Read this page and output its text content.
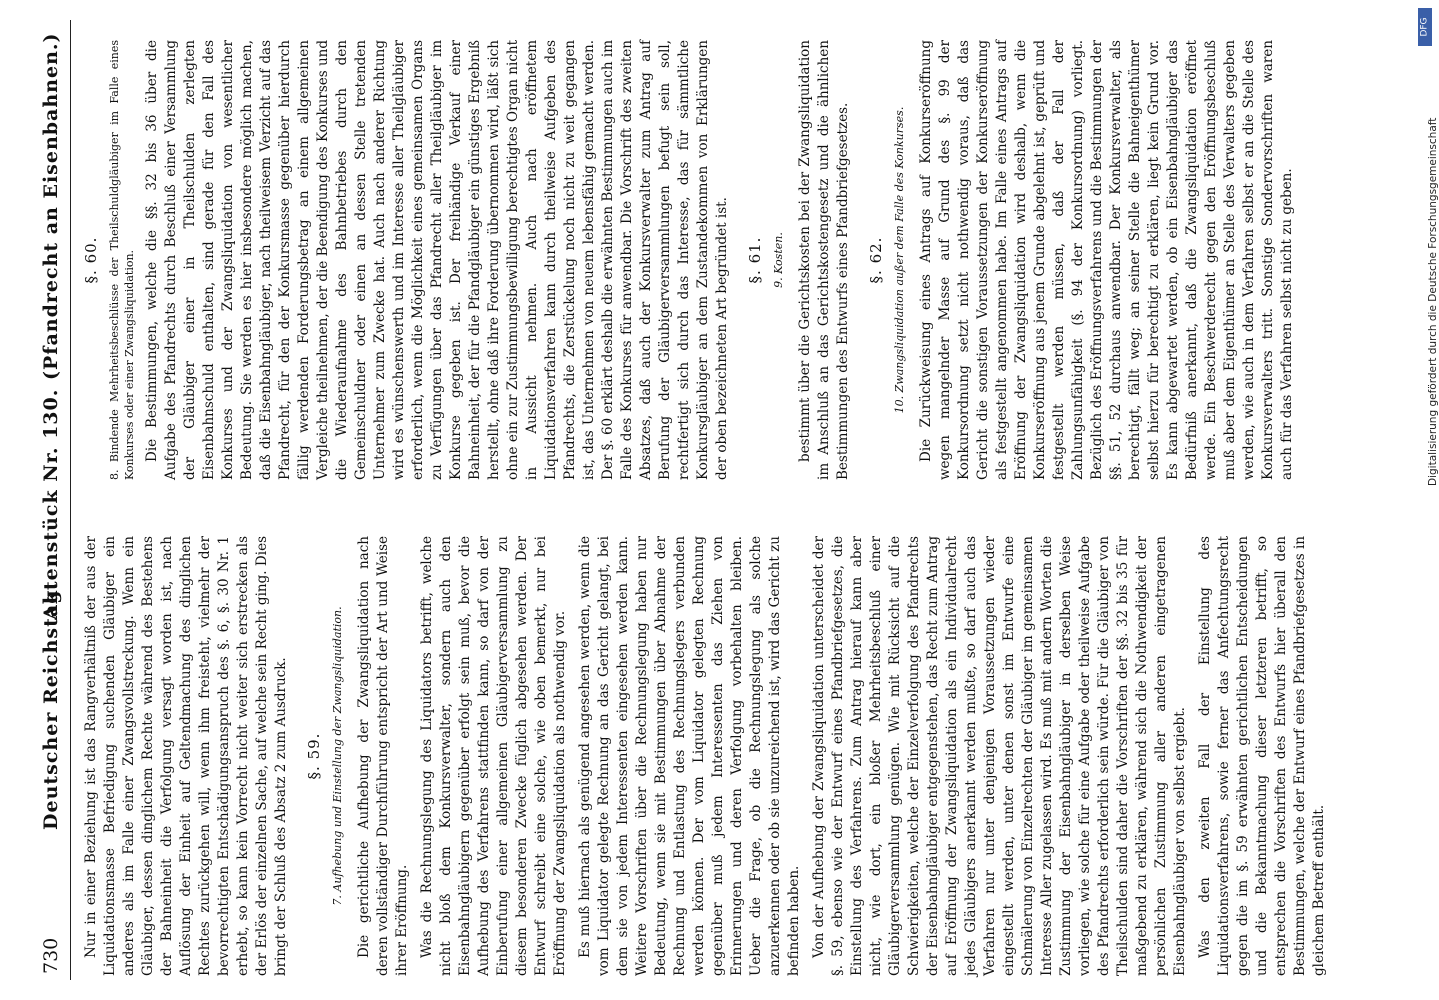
730
Deutscher Reichstag.
Aktenstück Nr. 130.
(Pfandrecht an Eisenbahnen.)

Nur in einer Beziehung ist das Rangverhältniß der aus der Liquidationsmasse Befriedigung suchenden Gläubiger ein anderes als im Falle einer Zwangsvollstreckung. Wenn ein Gläubiger, dessen dinglichem Rechte während des Bestehens der Bahneinheit die Verfolgung versagt worden ist, nach Auflösung der Einheit auf Geltendmachung des dinglichen Rechtes zurückgehen will, wenn ihm freisteht, vielmehr der bevorrechtigten Entschädigungsanspruch des §. 6, §. 30 Nr. 1 erhebt, so kann kein Vorrecht nicht weiter sich erstrecken als der Erlös der einzelnen Sache, auf welche sein Recht ging. Dies bringt der Schluß des Absatz 2 zum Ausdruck. §. 59. 7. Aufhebung und Einstellung der Zwangsliquidation. Die gerichtliche Aufhebung der Zwangsliquidation nach deren vollständiger Durchführung entspricht der Art und Weise ihrer Eröffnung. Was die Rechnungslegung des Liquidators betrifft, welche nicht bloß dem Konkursverwalter, sondern auch den Eisenbahngläubigern gegenüber erfolgt sein muß, bevor die Aufhebung des Verfahrens stattfinden kann, so darf von der Einberufung einer allgemeinen Gläubigerversammlung zu diesem besonderen Zwecke füglich abgesehen werden. Der Entwurf schreibt eine solche, wie oben bemerkt, nur bei Eröffnung der Zwangsliquidation als nothwendig vor. Es muß hiernach als genügend angesehen werden, wenn die vom Liquidator gelegte Rechnung an das Gericht gelangt, bei dem sie von jedem Interessenten eingesehen werden kann. Weitere Vorschriften über die Rechnungslegung haben nur Bedeutung, wenn sie mit Bestimmungen über Abnahme der Rechnung und Entlastung des Rechnungslegers verbunden werden können. Der vom Liquidator gelegten Rechnung gegenüber muß jedem Interessenten das Ziehen von Erinnerungen und deren Verfolgung vorbehalten bleiben. Ueber die Frage, ob die Rechnungslegung als solche anzuerkennen oder ob sie unzureichend ist, wird das Gericht zu befinden haben. Von der Aufhebung der Zwangsliquidation unterscheidet der §. 59, ebenso wie der Entwurf eines Pfandbriefgesetzes, die Einstellung des Verfahrens. Zum Antrag hierauf kann aber nicht, wie dort, ein bloßer Mehrheitsbeschluß einer Gläubigerversammlung genügen. Wie mit Rücksicht auf die Schwierigkeiten, welche der Einzelverfolgung des Pfandrechts der Eisenbahngläubiger entgegenstehen, das Recht zum Antrag auf Eröffnung der Zwangsliquidation als ein Individualrecht jedes Gläubigers anerkannt werden mußte, so darf auch das Verfahren nur unter denjenigen Voraussetzungen wieder eingestellt werden, unter denen sonst im Entwurfe eine Schmälerung von Einzelrechten der Gläubiger im gemeinsamen Interesse Aller zugelassen wird. Es muß mit andern Worten die Zustimmung der Eisenbahngläubiger in derselben Weise vorliegen, wie solche für eine Aufgabe oder theilweise Aufgabe des Pfandrechts erforderlich sein würde. Für die Gläubiger von Theilschulden sind daher die Vorschriften der §§. 32 bis 35 für maßgebend zu erklären, während sich die Nothwendigkeit der persönlichen Zustimmung aller anderen eingetragenen Eisenbahngläubiger von selbst ergiebt. Was den zweiten Fall der Einstellung des Liquidationsverfahrens, sowie ferner das Anfechtungsrecht gegen die im §. 59 erwähnten gerichtlichen Entscheidungen und die Bekanntmachung dieser letzteren betrifft, so entsprechen die Vorschriften des Entwurfs hier überall den Bestimmungen, welche der Entwurf eines Pfandbriefgesetzes in gleichem Betreff enthält.

§. 60. 8. Bindende Mehrheitsbeschlüsse der Theilschuldgläubiger im Falle eines Konkurses oder einer Zwangsliquidation. Die Bestimmungen, welche die §§. 32 bis 36 über die Aufgabe des Pfandrechts durch Beschluß einer Versammlung der Gläubiger einer in Theilschulden zerlegten Eisenbahnschuld enthalten, sind gerade für den Fall des Konkurses und der Zwangsliquidation von wesentlicher Bedeutung. Sie werden es hier insbesondere möglich machen, daß die Eisenbahngläubiger, nach theilweisem Verzicht auf das Pfandrecht, für den der Konkursmasse gegenüber hierdurch fällig werdenden Forderungsbetrag an einem allgemeinen Vergleiche theilnehmen, der die Beendigung des Konkurses und die Wiederaufnahme des Bahnbetriebes durch den Gemeinschuldner oder einen an dessen Stelle tretenden Unternehmer zum Zwecke hat. Auch nach anderer Richtung wird es wünschenswerth und im Interesse aller Theilgläubiger erforderlich, wenn die Möglichkeit eines gemeinsamen Organs zu Verfügungen über das Pfandrecht aller Theilgläubiger im Konkurse gegeben ist. Der freihändige Verkauf einer Bahneinheit, der für die Pfandgläubiger ein günstiges Ergebniß herstellt, ohne daß ihre Forderung übernommen wird, läßt sich ohne ein zur Zustimmungsbewilligung berechtigtes Organ nicht in Aussicht nehmen. Auch nach eröffnetem Liquidationsverfahren kann durch theilweise Aufgeben des Pfandrechts, die Zerstückelung noch nicht zu weit gegangen ist, das Unternehmen von neuem lebensfähig gemacht werden. Der §. 60 erklärt deshalb die erwähnten Bestimmungen auch im Falle des Konkurses für anwendbar. Die Vorschrift des zweiten Absatzes, daß auch der Konkursverwalter zum Antrag auf Berufung der Gläubigerversammlungen befugt sein soll, rechtfertigt sich durch das Interesse, das für sämmtliche Konkursgläubiger an dem Zustandekommen von Erklärungen der oben bezeichneten Art begründet ist. §. 61. 9. Kosten. bestimmt über die Gerichtskosten bei der Zwangsliquidation im Anschluß an das Gerichtskostengesetz und die ähnlichen Bestimmungen des Entwurfs eines Pfandbriefgesetzes. §. 62. 10. Zwangsliquidation außer dem Falle des Konkurses. Die Zurückweisung eines Antrags auf Konkurseröffnung wegen mangelnder Masse auf Grund des §. 99 der Konkursordnung setzt nicht nothwendig voraus, daß das Gericht die sonstigen Voraussetzungen der Konkurseröffnung als festgestellt angenommen habe. Im Falle eines Antrags auf Eröffnung der Zwangsliquidation wird deshalb, wenn die Konkurseröffnung aus jenem Grunde abgelehnt ist, geprüft und festgestellt werden müssen, daß der Fall der Zahlungsunfähigkeit (§. 94 der Konkursordnung) vorliegt. Bezüglich des Eröffnungsverfahrens und die Bestimmungen der §§. 51, 52 durchaus anwendbar. Der Konkursverwalter, als berechtigt, fällt weg; an seiner Stelle die Bahneigenthümer selbst hierzu für berechtigt zu erklären, liegt kein Grund vor. Es kann abgewartet werden, ob ein Eisenbahngläubiger das Bedürfniß anerkannt, daß die Zwangsliquidation eröffnet werde. Ein Beschwerderecht gegen den Eröffnungsbeschluß muß aber dem Eigenthümer an Stelle des Verwalters gegeben werden, wie auch in dem Verfahren selbst er an die Stelle des Konkursverwalters tritt. Sonstige Sondervorschriften waren auch für das Verfahren selbst nicht zu geben.	Digitalisierung gefördert durch die Deutsche Forschungsgemeinschaft
DFG
